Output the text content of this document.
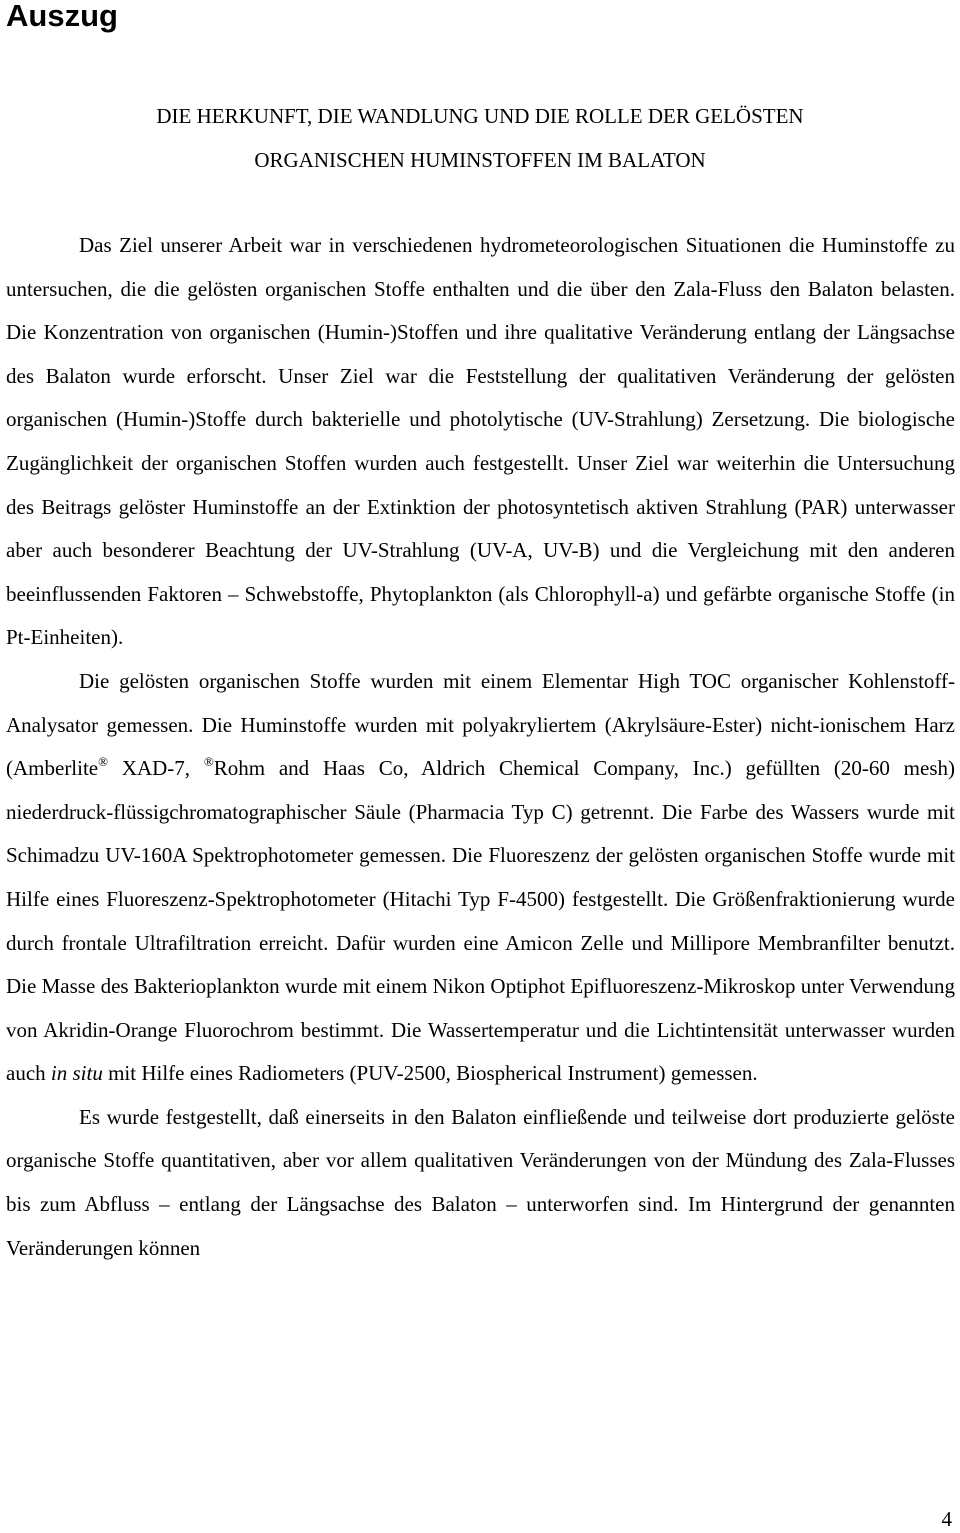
Auszug
DIE HERKUNFT, DIE WANDLUNG UND DIE ROLLE DER GELÖSTEN
ORGANISCHEN HUMINSTOFFEN IM BALATON

Das Ziel unserer Arbeit war in verschiedenen hydrometeorologischen Situationen die Huminstoffe zu untersuchen, die die gelösten organischen Stoffe enthalten und die über den Zala-Fluss den Balaton belasten. Die Konzentration von organischen (Humin-)Stoffen und ihre qualitative Veränderung entlang der Längsachse des Balaton wurde erforscht. Unser Ziel war die Feststellung der qualitativen Veränderung der gelösten organischen (Humin-)Stoffe durch bakterielle und photolytische (UV-Strahlung) Zersetzung. Die biologische Zugänglichkeit der organischen Stoffen wurden auch festgestellt. Unser Ziel war weiterhin die Untersuchung des Beitrags gelöster Huminstoffe an der Extinktion der photosyntetisch aktiven Strahlung (PAR) unterwasser aber auch besonderer Beachtung der UV-Strahlung (UV-A, UV-B) und die Vergleichung mit den anderen beeinflussenden Faktoren – Schwebstoffe, Phytoplankton (als Chlorophyll-a) und gefärbte organische Stoffe (in Pt-Einheiten).

Die gelösten organischen Stoffe wurden mit einem Elementar High TOC organischer Kohlenstoff-Analysator gemessen. Die Huminstoffe wurden mit polyakryliertem (Akrylsäure-Ester) nicht-ionischem Harz (Amberlite® XAD-7, ®Rohm and Haas Co, Aldrich Chemical Company, Inc.) gefüllten (20-60 mesh) niederdruck-flüssigchromatographischer Säule (Pharmacia Typ C) getrennt. Die Farbe des Wassers wurde mit Schimadzu UV-160A Spektrophotometer gemessen. Die Fluoreszenz der gelösten organischen Stoffe wurde mit Hilfe eines Fluoreszenz-Spektrophotometer (Hitachi Typ F-4500) festgestellt. Die Größenfraktionierung wurde durch frontale Ultrafiltration erreicht. Dafür wurden eine Amicon Zelle und Millipore Membranfilter benutzt. Die Masse des Bakterioplankton wurde mit einem Nikon Optiphot Epifluoreszenz-Mikroskop unter Verwendung von Akridin-Orange Fluorochrom bestimmt. Die Wassertemperatur und die Lichtintensität unterwasser wurden auch in situ mit Hilfe eines Radiometers (PUV-2500, Biospherical Instrument) gemessen.

Es wurde festgestellt, daß einerseits in den Balaton einfließende und teilweise dort produzierte gelöste organische Stoffe quantitativen, aber vor allem qualitativen Veränderungen von der Mündung des Zala-Flusses bis zum Abfluss – entlang der Längsachse des Balaton – unterworfen sind. Im Hintergrund der genannten Veränderungen können

4
